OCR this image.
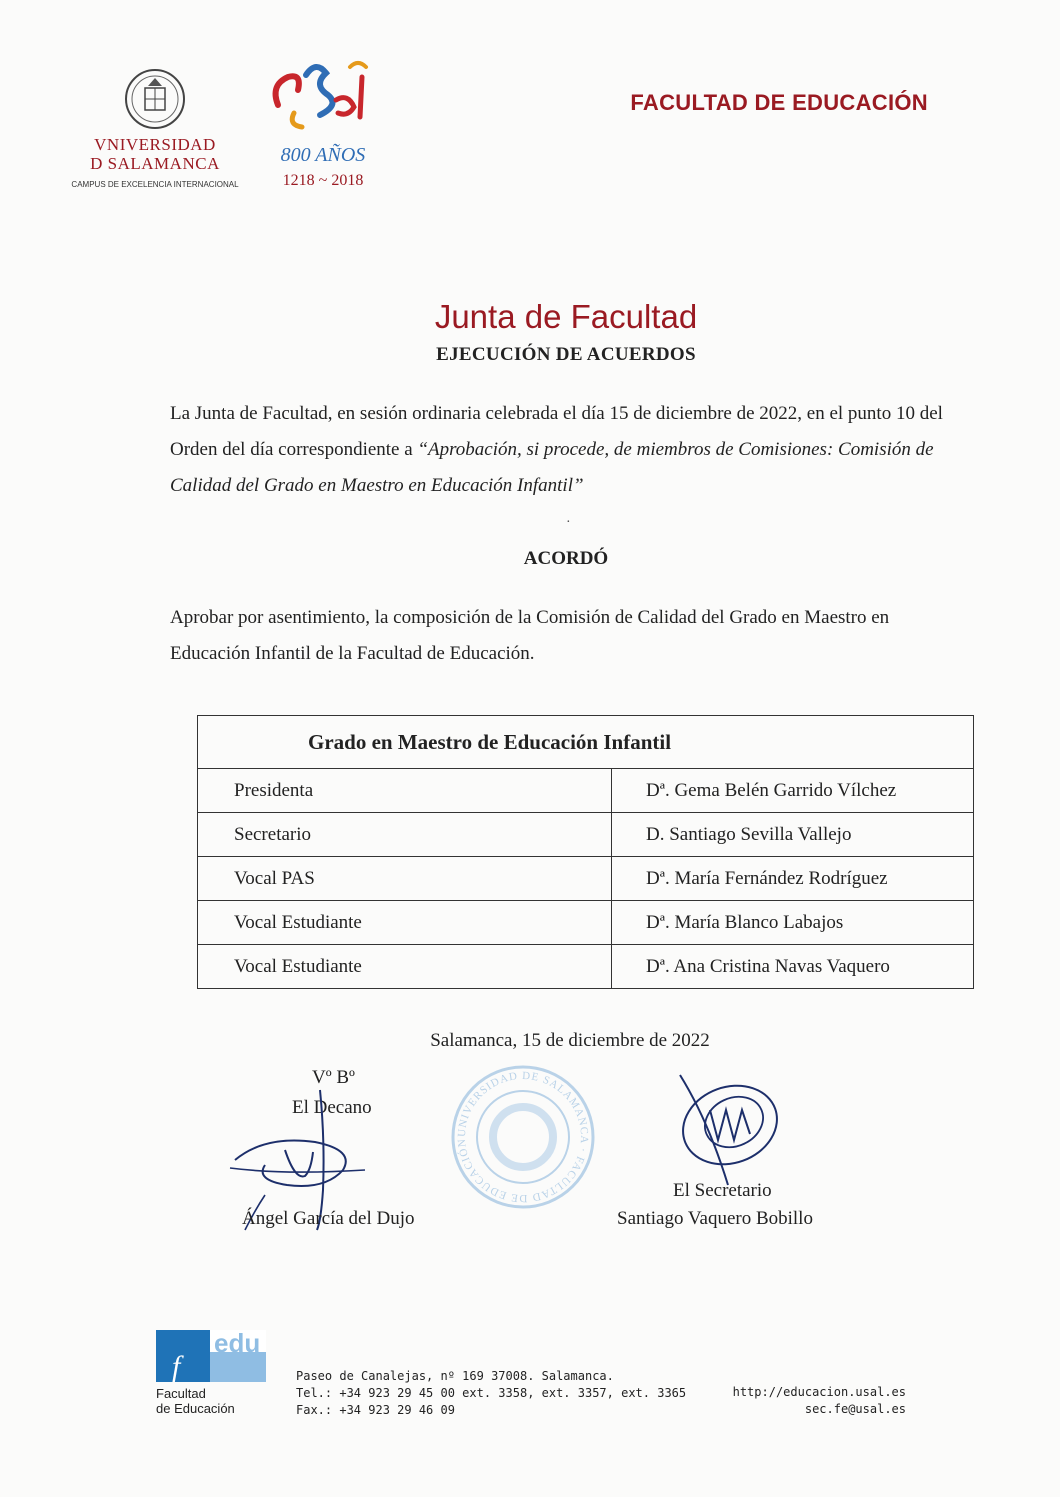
VNIVERSIDAD
D SALAMANCA
CAMPUS DE EXCELENCIA INTERNACIONAL
800 AÑOS
1218 ~ 2018
FACULTAD DE EDUCACIÓN
Junta de Facultad
EJECUCIÓN DE ACUERDOS
La Junta de Facultad, en sesión ordinaria celebrada el día 15 de diciembre de 2022, en el punto 10 del Orden del día correspondiente a “Aprobación, si procede, de miembros de Comisiones: Comisión de Calidad del Grado en Maestro en Educación Infantil”
·
ACORDÓ
Aprobar por asentimiento, la composición de la Comisión de Calidad del Grado en Maestro en Educación Infantil de la Facultad de Educación.
Grado en Maestro de Educación Infantil	
Presidenta	Dª. Gema Belén Garrido Vílchez
Secretario	D. Santiago Sevilla Vallejo
Vocal PAS	Dª. María Fernández Rodríguez
Vocal Estudiante	Dª. María Blanco Labajos
Vocal Estudiante	Dª. Ana Cristina Navas Vaquero
Salamanca, 15 de diciembre de 2022
UNIVERSIDAD DE SALAMANCA · FACULTAD DE EDUCACIÓN
Vº Bº
El Decano
Ángel García del Dujo
El Secretario
Santiago Vaquero Bobillo
f
edu
Facultad
de Educación
Paseo de Canalejas, nº 169 37008. Salamanca.
Tel.: +34 923 29 45 00 ext. 3358, ext. 3357, ext. 3365
Fax.: +34 923 29 46 09
http://educacion.usal.es
sec.fe@usal.es
